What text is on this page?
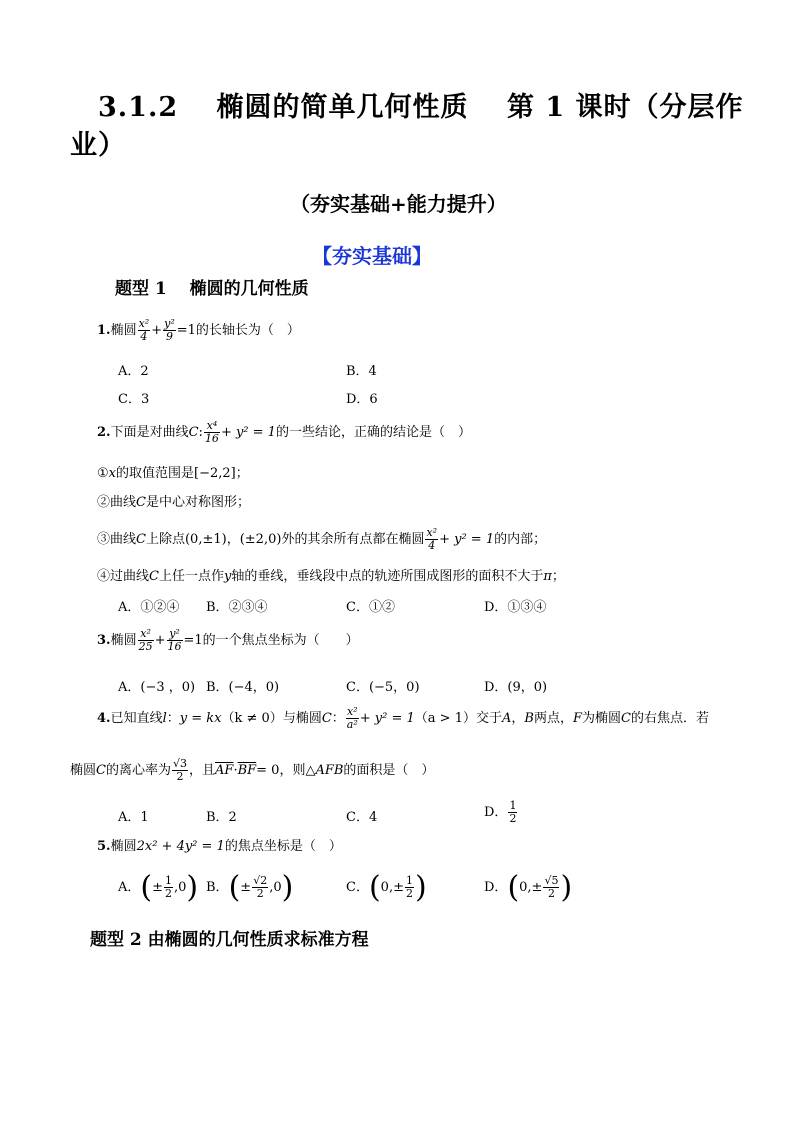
3.1.2　 椭圆的简单几何性质　 第 1 课时（分层作
业）
（夯实基础+能力提升）
【夯实基础】
题型 1　 椭圆的几何性质
1.椭圆 $\frac{\text{x²}}{4} + \frac{\text{y²}}{9} =1$的长轴长为（　）
A．2	B．4
C．3	D．6
2.下面是对曲线C: $\frac{\text{x⁴}}{16} + y^2 = 1$的一些结论，正确的结论是（　）
①x的取值范围是[−2,2]；
②曲线C是中心对称图形；
③曲线C上除点(0,±1)，(±2,0)外的其余所有点都在椭圆 $\frac{\text{x²}}{4} + y^2 = 1$的内部；
④过曲线C上任一点作y轴的垂线，垂线段中点的轨迹所围成图形的面积不大于π；
A．①②④ B．②③④	C．①②	D．①③④
3.椭圆 $\frac{\text{x²}}{25} + \frac{\text{y²}}{16} =1$的一个焦点坐标为（　　）
A．(−3 ，0) B．(−4，0)	C．(−5，0)	D．(9，0)
4.已知直线l：y = kx（k ≠ 0）与椭圆C： $\frac{\text{x²}}{\text{a²}} + y^2 = 1(a > 1)$交于A，B两点，F为椭圆C的右焦点．若
椭圆C的离心率为 $\frac{√3}{2}$ ，且$\overline{AF}\cdot\overline{BF}= 0$，则△AFB的面积是（　）
A．1	B．2	C．4	D． $\frac{1}{2}$
5.椭圆2x² + 4y² = 1的焦点坐标是（　）
A．(± $\frac{1}{2} ,0$) B．(± $\frac{√2}{2} ,0$)	C．($0,\pm \frac{1}{2}$ )	D．($0,\pm \frac{√5}{2}$ )
题型 2 由椭圆的几何性质求标准方程
